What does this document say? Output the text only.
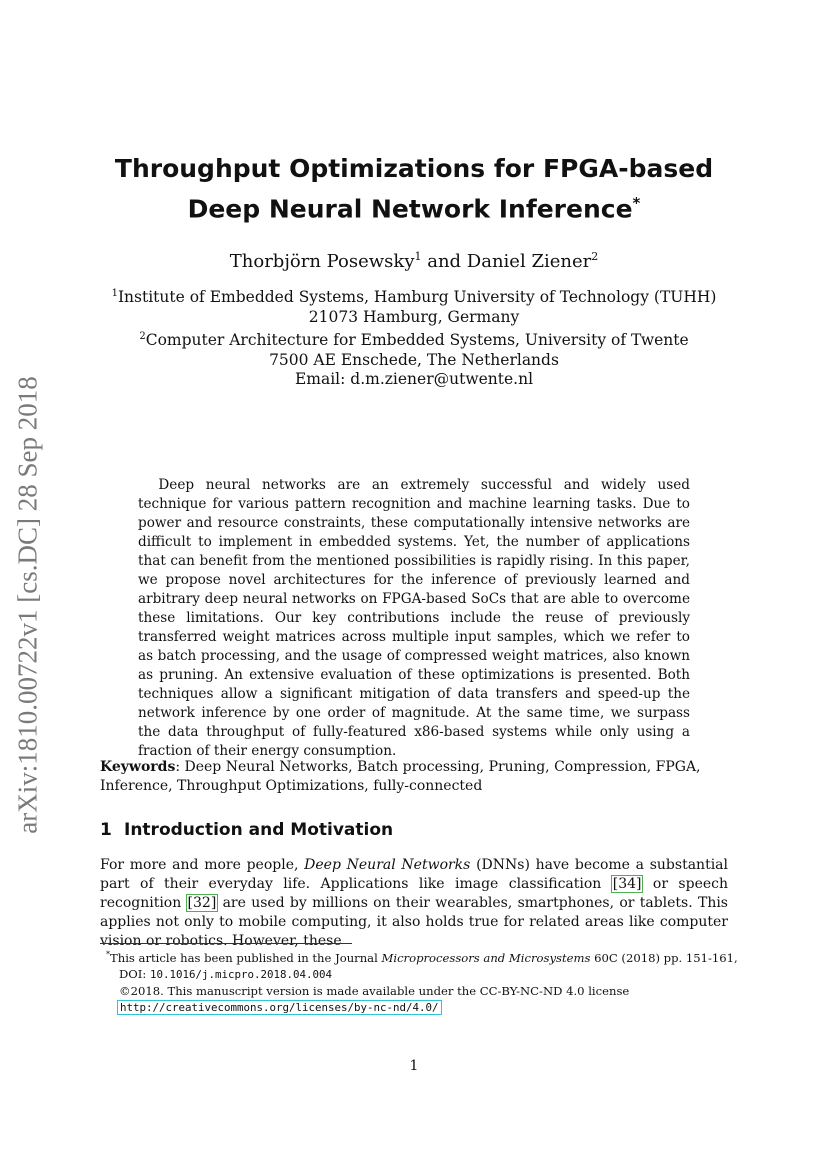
arXiv:1810.00722v1 [cs.DC] 28 Sep 2018
Throughput Optimizations for FPGA-based
Deep Neural Network Inference*
Thorbjörn Posewsky$^1$ and Daniel Ziener$^2$
$^1$Institute of Embedded Systems, Hamburg University of Technology (TUHH)
21073 Hamburg, Germany
$^2$Computer Architecture for Embedded Systems, University of Twente
7500 AE Enschede, The Netherlands
Email: d.m.ziener@utwente.nl

Deep neural networks are an extremely successful and widely used technique for various pattern recognition and machine learning tasks. Due to power and resource constraints, these computationally intensive networks are difficult to implement in embedded systems. Yet, the number of applications that can benefit from the mentioned possibilities is rapidly rising. In this paper, we propose novel architectures for the inference of previously learned and arbitrary deep neural networks on FPGA-based SoCs that are able to overcome these limitations. Our key contributions include the reuse of previously transferred weight matrices across multiple input samples, which we refer to as batch processing, and the usage of compressed weight matrices, also known as pruning. An extensive evaluation of these optimizations is presented. Both techniques allow a significant mitigation of data transfers and speed-up the network inference by one order of magnitude. At the same time, we surpass the data throughput of fully-featured x86-based systems while only using a fraction of their energy consumption.

Keywords: Deep Neural Networks, Batch processing, Pruning, Compression, FPGA, Inference, Throughput Optimizations, fully-connected
1 Introduction and Motivation

For more and more people, Deep Neural Networks (DNNs) have become a substantial part of their everyday life. Applications like image classification [34] or speech recognition [32] are used by millions on their wearables, smartphones, or tablets. This applies not only to mobile computing, it also holds true for related areas like computer vision or robotics. However, these

*This article has been published in the Journal Microprocessors and Microsystems 60C (2018) pp. 151-161,
DOI: 10.1016/j.micpro.2018.04.004
©2018. This manuscript version is made available under the CC-BY-NC-ND 4.0 license
http://creativecommons.org/licenses/by-nc-nd/4.0/
1
